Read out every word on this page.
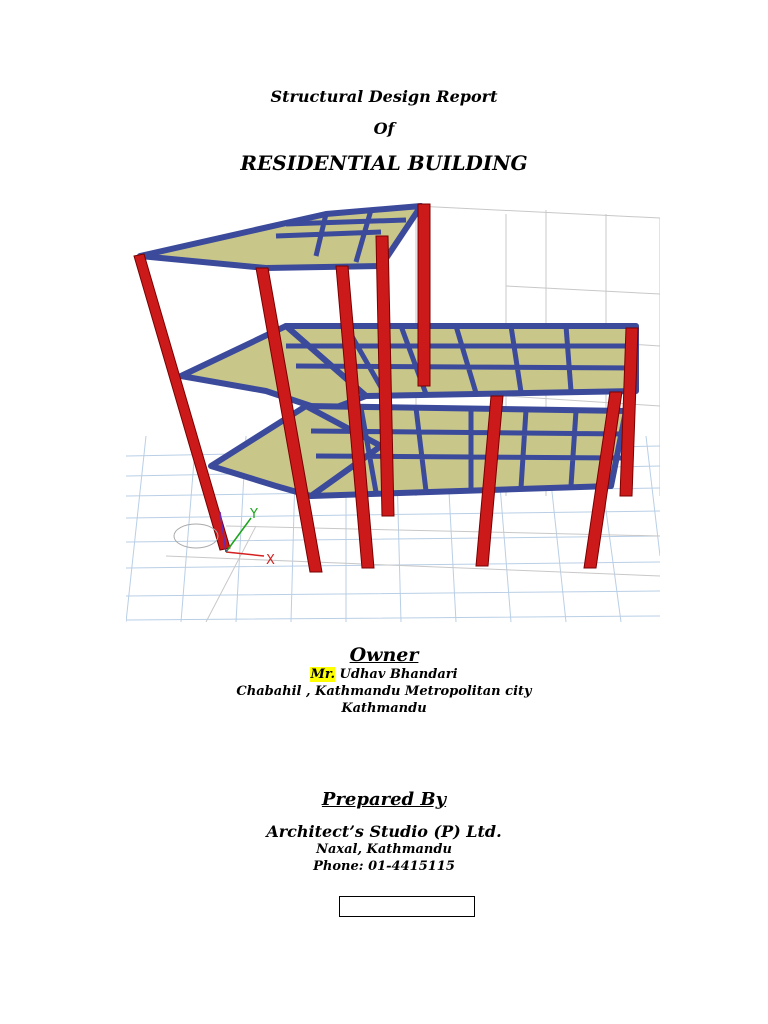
Structural Design Report
Of
RESIDENTIAL BUILDING
X
Y
Owner
Mr. Udhav Bhandari
Chabahil , Kathmandu Metropolitan city
Kathmandu
Prepared By
Architect’s Studio (P) Ltd.
Naxal, Kathmandu
Phone: 01-4415115
